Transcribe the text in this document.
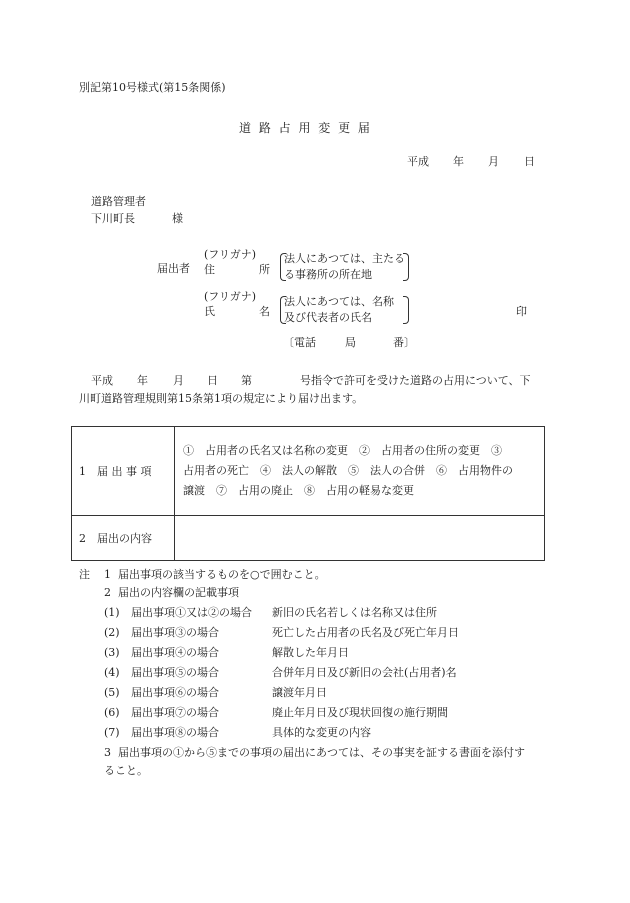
別記第10号様式(第15条関係)
道 路 占 用 変 更 届
平成 年 月 日
道路管理者
下川町長	様
届出者
(フリガナ)
住	所
法人にあつては、主たる
る事務所の所在地
(フリガナ)
氏	名
法人にあつては、名称
及び代表者の氏名	印
〔電話	局	番〕
平成 年 月 日 第	号指令で許可を受けた道路の占用について、下
川町道路管理規則第15条第1項の規定により届け出ます。
1　届 出 事 項	①　占用者の氏名又は名称の変更　②　占用者の住所の変更　③
占用者の死亡　④　法人の解散　⑤　法人の合併　⑥　占用物件の
譲渡　⑦　占用の廃止　⑧　占用の軽易な変更

2　届出の内容	
注 1 届出事項の該当するものを○で囲むこと。
2 届出の内容欄の記載事項
(1) 届出事項①又は②の場合 新旧の氏名若しくは名称又は住所
(2) 届出事項③の場合	死亡した占用者の氏名及び死亡年月日
(3) 届出事項④の場合	解散した年月日
(4) 届出事項⑤の場合	合併年月日及び新旧の会社(占用者)名
(5) 届出事項⑥の場合	譲渡年月日
(6) 届出事項⑦の場合	廃止年月日及び現状回復の施行期間
(7) 届出事項⑧の場合	具体的な変更の内容
3 届出事項の①から⑤までの事項の届出にあつては、その事実を証する書面を添付す
ること。
